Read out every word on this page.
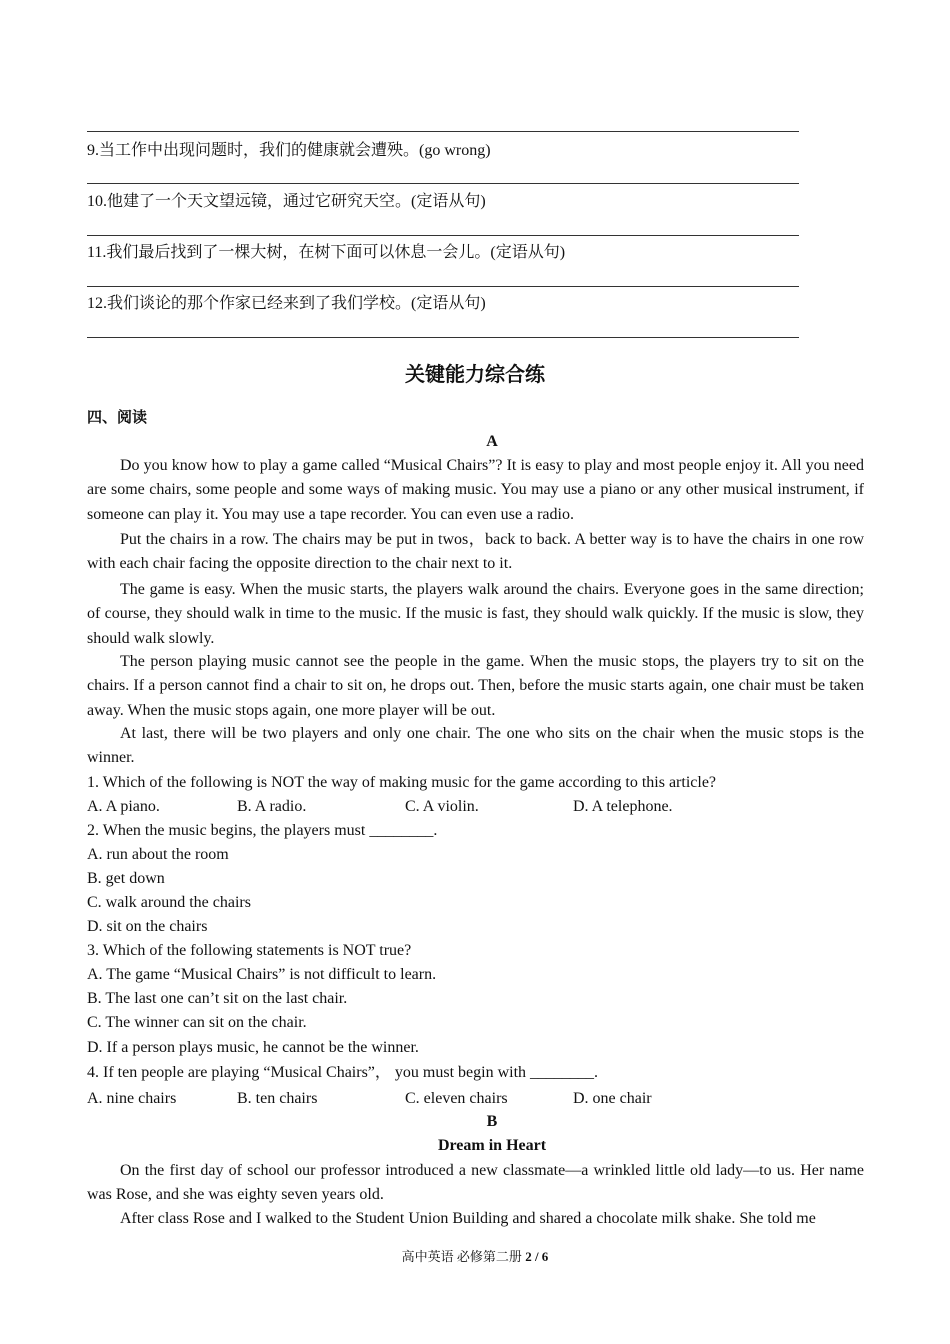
9.当工作中出现问题时，我们的健康就会遭殃。(go wrong)
10.他建了一个天文望远镜，通过它研究天空。(定语从句)
11.我们最后找到了一棵大树，在树下面可以休息一会儿。(定语从句)
12.我们谈论的那个作家已经来到了我们学校。(定语从句)
关键能力综合练
四、阅读
A

Do you know how to play a game called “Musical Chairs”? It is easy to play and most people enjoy it. All you need are some chairs, some people and some ways of making music. You may use a piano or any other musical instrument, if someone can play it. You may use a tape recorder. You can even use a radio.

Put the chairs in a row. The chairs may be put in twos，back to back. A better way is to have the chairs in one row with each chair facing the opposite direction to the chair next to it.

The game is easy. When the music starts, the players walk around the chairs. Everyone goes in the same direction; of course, they should walk in time to the music. If the music is fast, they should walk quickly. If the music is slow, they should walk slowly.

The person playing music cannot see the people in the game. When the music stops, the players try to sit on the chairs. If a person cannot find a chair to sit on, he drops out. Then, before the music starts again, one chair must be taken away. When the music stops again, one more player will be out.

At last, there will be two players and only one chair. The one who sits on the chair when the music stops is the winner.

1. Which of the following is NOT the way of making music for the game according to this article?
A. A piano.	B. A radio.	C. A violin.	D. A telephone.
2. When the music begins, the players must ________.
A. run about the room
B. get down
C. walk around the chairs
D. sit on the chairs
3. Which of the following statements is NOT true?
A. The game “Musical Chairs” is not difficult to learn.
B. The last one can’t sit on the last chair.
C. The winner can sit on the chair.
D. If a person plays music, he cannot be the winner.
4. If ten people are playing “Musical Chairs”， you must begin with ________.
A. nine chairs	B. ten chairs	C. eleven chairs	D. one chair
B
Dream in Heart

On the first day of school our professor introduced a new classmate—a wrinkled little old lady—to us. Her name was Rose, and she was eighty seven years old.

After class Rose and I walked to the Student Union Building and shared a chocolate milk shake. She told me

高中英语 必修第二册 2 / 6
